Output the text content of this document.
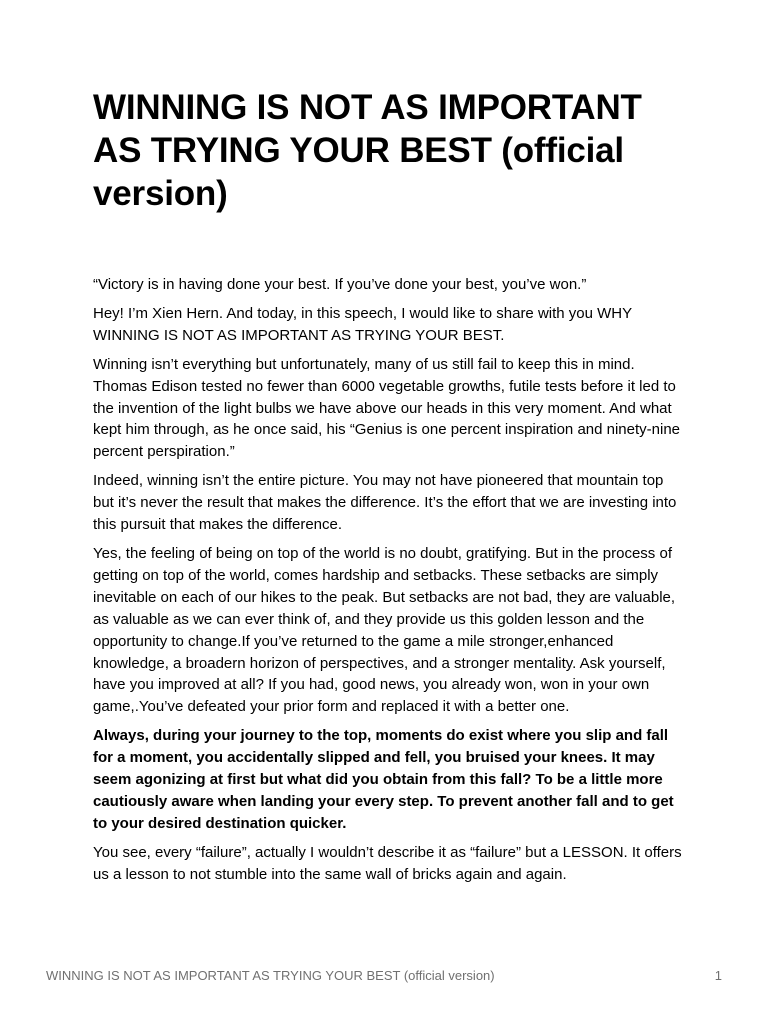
WINNING IS NOT AS IMPORTANT AS TRYING YOUR BEST (official version)

“Victory is in having done your best. If you’ve done your best, you’ve won.”

Hey! I’m Xien Hern. And today, in this speech, I would like to share with you WHY WINNING IS NOT AS IMPORTANT AS TRYING YOUR BEST.

Winning isn’t everything but unfortunately, many of us still fail to keep this in mind. Thomas Edison tested no fewer than 6000 vegetable growths, futile tests before it led to the invention of the light bulbs we have above our heads in this very moment. And what kept him through, as he once said, his “Genius is one percent inspiration and ninety-nine percent perspiration.”

Indeed, winning isn’t the entire picture. You may not have pioneered that mountain top but it’s never the result that makes the difference. It’s the effort that we are investing into this pursuit that makes the difference.

Yes, the feeling of being on top of the world is no doubt, gratifying. But in the process of getting on top of the world, comes hardship and setbacks. These setbacks are simply inevitable on each of our hikes to the peak. But setbacks are not bad, they are valuable, as valuable as we can ever think of, and they provide us this golden lesson and the opportunity to change.If you’ve returned to the game a mile stronger,enhanced knowledge, a broadern horizon of perspectives, and a stronger mentality. Ask yourself, have you improved at all? If you had, good news, you already won, won in your own game,.You’ve defeated your prior form and replaced it with a better one.

Always, during your journey to the top, moments do exist where you slip and fall for a moment, you accidentally slipped and fell, you bruised your knees. It may seem agonizing at first but what did you obtain from this fall? To be a little more cautiously aware when landing your every step. To prevent another fall and to get to your desired destination quicker.

You see, every “failure”, actually I wouldn’t describe it as “failure” but a LESSON. It offers us a lesson to not stumble into the same wall of bricks again and again.

WINNING IS NOT AS IMPORTANT AS TRYING YOUR BEST (official version)	1
